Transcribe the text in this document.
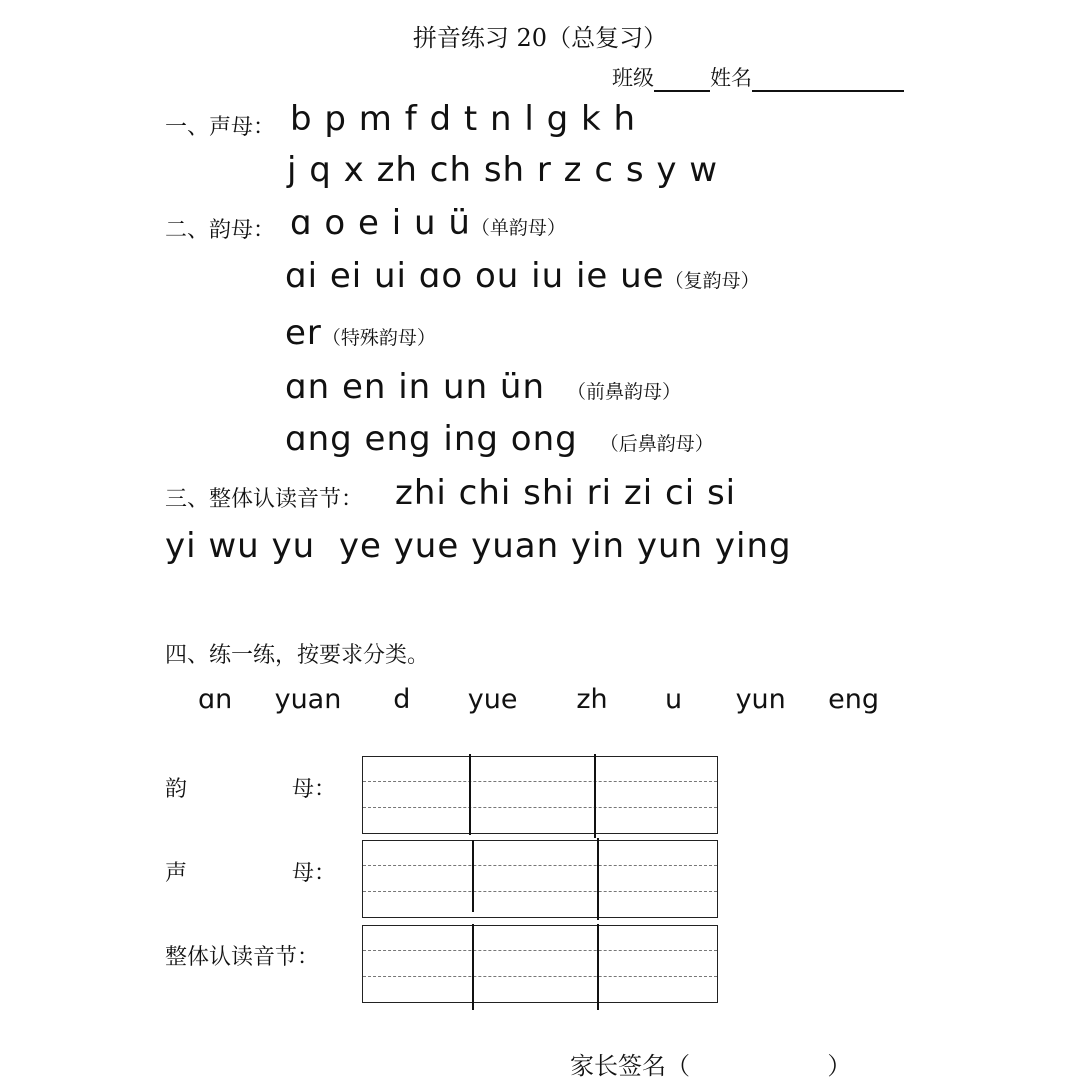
拼音练习 20（总复习）
班级	姓名
一、声母： b p m f d t n l g k h
j q x zh ch sh r z c s y w
二、韵母： ɑ o e i u ü（单韵母）
ɑi ei ui ɑo ou iu ie ue（复韵母）
er（特殊韵母）
ɑn en in un ün （前鼻韵母）
ɑng eng ing ong （后鼻韵母）
三、整体认读音节： zhi chi shi ri zi ci si
yi wu yu  ye yue yuan yin yun ying
四、练一练，按要求分类。
ɑn yuan d yue zh u yun eng
韵	母：
声	母：
整体认读音节：
家长签名（                  ）
